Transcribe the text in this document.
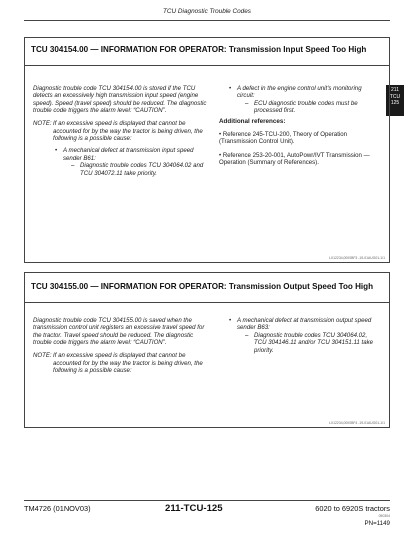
TCU Diagnostic Trouble Codes
211
TCU
125
TCU 304154.00 — INFORMATION FOR OPERATOR: Transmission Input Speed Too High

Diagnostic trouble code TCU 304154.00 is stored if the TCU detects an excessively high transmission input speed (engine speed). Speed (travel speed) should be reduced. The diagnostic trouble code triggers the alarm level: “CAUTION”.

NOTE: If an excessive speed is displayed that cannot be accounted for by the way the tractor is being driven, the following is a possible cause:
• A mechanical defect at transmission input speed sender B61:
– Diagnostic trouble codes TCU 304064.02 and TCU 304072.11 take priority.
• A defect in the engine control unit's monitoring circuit:
– ECU diagnostic trouble codes must be processed first.
Additional references:

• Reference 245-TCU-200, Theory of Operation (Transmission Control Unit).

• Reference 253-20-001, AutoPowr/IVT Transmission — Operation (Summary of References).

LX12234,0000BF3 -19-01AUG01-1/1
TCU 304155.00 — INFORMATION FOR OPERATOR: Transmission Output Speed Too High

Diagnostic trouble code TCU 304155.00 is saved when the transmission control unit registers an excessive travel speed for the tractor. Travel speed should be reduced. The diagnostic trouble code triggers the alarm level: “CAUTION”.

NOTE: If an excessive speed is displayed that cannot be accounted for by the way the tractor is being driven, the following is a possible cause:
• A mechanical defect at transmission output speed sender B63:
– Diagnostic trouble codes TCU 304064.02, TCU 304146.11 and/or TCU 304151.11 take priority.
LX12234,0000BF4 -19-01AUG01-1/1
TM4726 (01NOV03)	211-TCU-125	6020 to 6920S tractors
050304
PN=1149
